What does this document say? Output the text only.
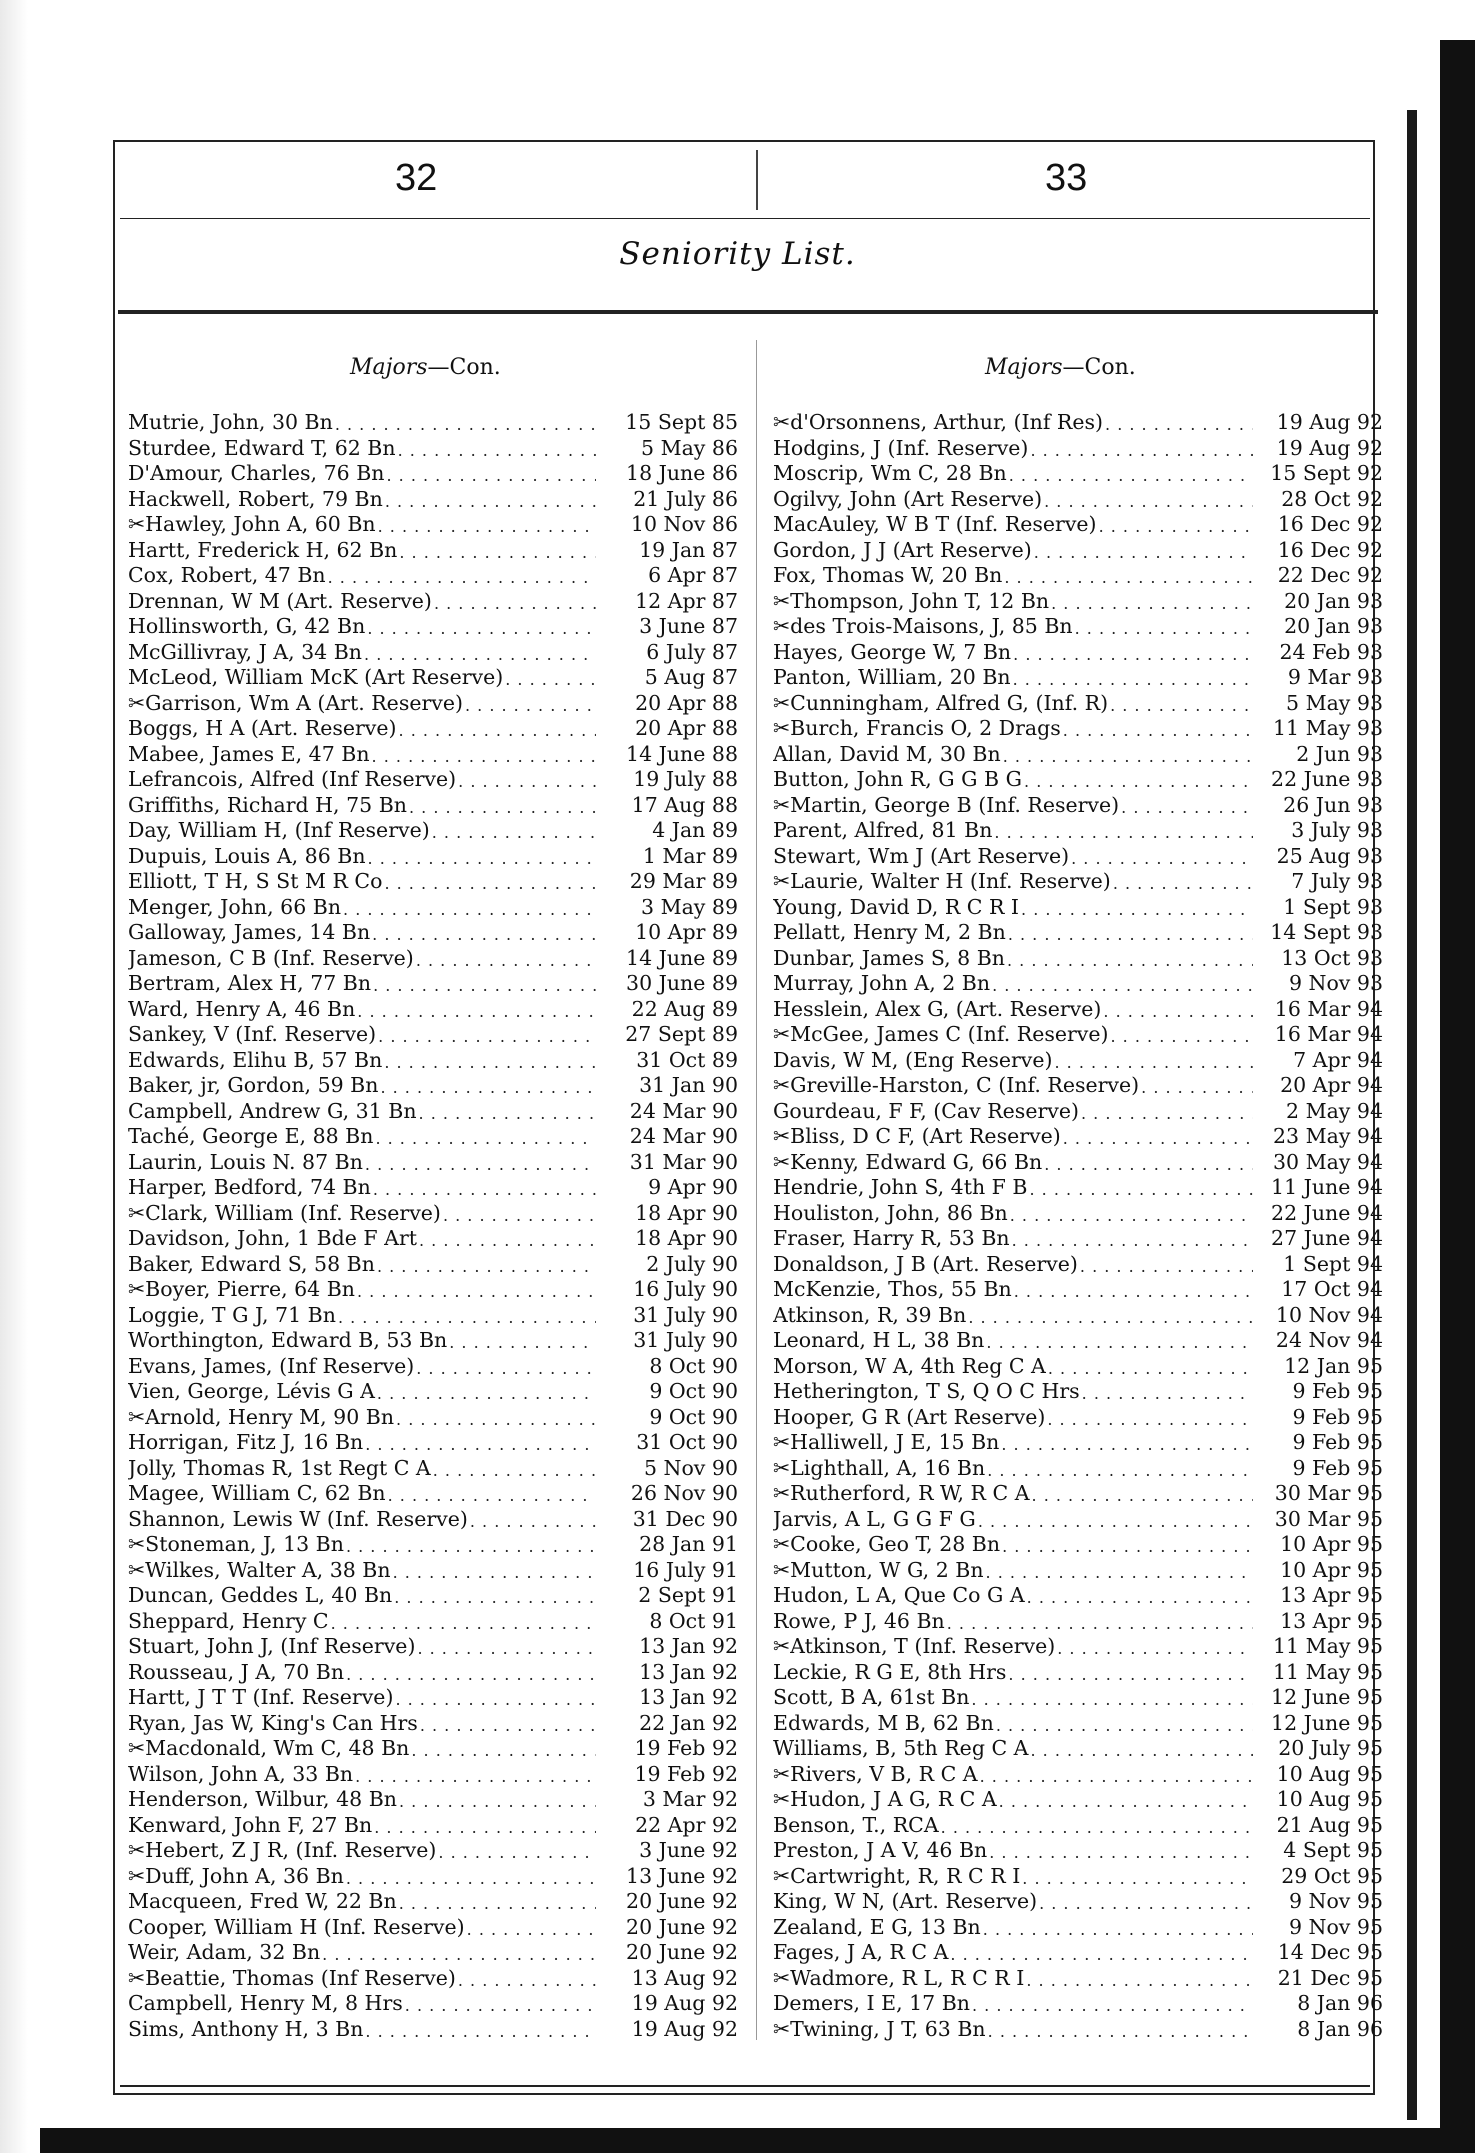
32	33
Seniority List.
Majors—Con.	Majors—Con.
Mutrie, John, 30 Bn . . .	15 Sept 85
Sturdee, Edward T, 62 Bn . . .	5 May 86
D'Amour, Charles, 76 Bn . . .	18 June 86
Hackwell, Robert, 79 Bn . . .	21 July 86
✂Hawley, John A, 60 Bn . . .	10 Nov 86
Hartt, Frederick H, 62 Bn . . .	19 Jan 87
Cox, Robert, 47 Bn . . .	6 Apr 87
Drennan, W M (Art. Reserve) . . .	12 Apr 87
Hollinsworth, G, 42 Bn . . .	3 June 87
McGillivray, J A, 34 Bn . . .	6 July 87
McLeod, William McK (Art Reserve) . . .	5 Aug 87
✂Garrison, Wm A (Art. Reserve) . . .	20 Apr 88
Boggs, H A (Art. Reserve) . . .	20 Apr 88
Mabee, James E, 47 Bn . . .	14 June 88
Lefrancois, Alfred (Inf Reserve) . . .	19 July 88
Griffiths, Richard H, 75 Bn . . .	17 Aug 88
Day, William H, (Inf Reserve) . . .	4 Jan 89
Dupuis, Louis A, 86 Bn . . .	1 Mar 89
Elliott, T H, S St M R Co . . .	29 Mar 89
Menger, John, 66 Bn . . .	3 May 89
Galloway, James, 14 Bn . . .	10 Apr 89
Jameson, C B (Inf. Reserve) . . .	14 June 89
Bertram, Alex H, 77 Bn . . .	30 June 89
Ward, Henry A, 46 Bn . . .	22 Aug 89
Sankey, V (Inf. Reserve) . . .	27 Sept 89
Edwards, Elihu B, 57 Bn . . .	31 Oct 89
Baker, jr, Gordon, 59 Bn . . .	31 Jan 90
Campbell, Andrew G, 31 Bn . . .	24 Mar 90
Taché, George E, 88 Bn . . .	24 Mar 90
Laurin, Louis N. 87 Bn . . .	31 Mar 90
Harper, Bedford, 74 Bn . . .	9 Apr 90
✂Clark, William (Inf. Reserve) . . .	18 Apr 90
Davidson, John, 1 Bde F Art . . .	18 Apr 90
Baker, Edward S, 58 Bn . . .	2 July 90
✂Boyer, Pierre, 64 Bn . . .	16 July 90
Loggie, T G J, 71 Bn . . .	31 July 90
Worthington, Edward B, 53 Bn . . .	31 July 90
Evans, James, (Inf Reserve) . . .	8 Oct 90
Vien, George, Lévis G A . . .	9 Oct 90
✂Arnold, Henry M, 90 Bn . . .	9 Oct 90
Horrigan, Fitz J, 16 Bn . . .	31 Oct 90
Jolly, Thomas R, 1st Regt C A . . .	5 Nov 90
Magee, William C, 62 Bn . . .	26 Nov 90
Shannon, Lewis W (Inf. Reserve) . . .	31 Dec 90
✂Stoneman, J, 13 Bn . . .	28 Jan 91
✂Wilkes, Walter A, 38 Bn . . .	16 July 91
Duncan, Geddes L, 40 Bn . . .	2 Sept 91
Sheppard, Henry C . . .	8 Oct 91
Stuart, John J, (Inf Reserve) . . .	13 Jan 92
Rousseau, J A, 70 Bn . . .	13 Jan 92
Hartt, J T T (Inf. Reserve) . . .	13 Jan 92
Ryan, Jas W, King's Can Hrs . . .	22 Jan 92
✂Macdonald, Wm C, 48 Bn . . .	19 Feb 92
Wilson, John A, 33 Bn . . .	19 Feb 92
Henderson, Wilbur, 48 Bn . . .	3 Mar 92
Kenward, John F, 27 Bn . . .	22 Apr 92
✂Hebert, Z J R, (Inf. Reserve) . . .	3 June 92
✂Duff, John A, 36 Bn . . .	13 June 92
Macqueen, Fred W, 22 Bn . . .	20 June 92
Cooper, William H (Inf. Reserve) . . .	20 June 92
Weir, Adam, 32 Bn . . .	20 June 92
✂Beattie, Thomas (Inf Reserve) . . .	13 Aug 92
Campbell, Henry M, 8 Hrs . . .	19 Aug 92
Sims, Anthony H, 3 Bn . . .	19 Aug 92
✂d'Orsonnens, Arthur, (Inf Res) . . .	19 Aug 92
Hodgins, J (Inf. Reserve) . . .	19 Aug 92
Moscrip, Wm C, 28 Bn . . .	15 Sept 92
Ogilvy, John (Art Reserve) . . .	28 Oct 92
MacAuley, W B T (Inf. Reserve) . . .	16 Dec 92
Gordon, J J (Art Reserve) . . .	16 Dec 92
Fox, Thomas W, 20 Bn . . .	22 Dec 92
✂Thompson, John T, 12 Bn . . .	20 Jan 93
✂des Trois-Maisons, J, 85 Bn . . .	20 Jan 93
Hayes, George W, 7 Bn . . .	24 Feb 93
Panton, William, 20 Bn . . .	9 Mar 93
✂Cunningham, Alfred G, (Inf. R) . . .	5 May 93
✂Burch, Francis O, 2 Drags . . .	11 May 93
Allan, David M, 30 Bn . . .	2 Jun 93
Button, John R, G G B G . . .	22 June 93
✂Martin, George B (Inf. Reserve) . . .	26 Jun 93
Parent, Alfred, 81 Bn . . .	3 July 93
Stewart, Wm J (Art Reserve) . . .	25 Aug 93
✂Laurie, Walter H (Inf. Reserve) . . .	7 July 93
Young, David D, R C R I . . .	1 Sept 93
Pellatt, Henry M, 2 Bn . . .	14 Sept 93
Dunbar, James S, 8 Bn . . .	13 Oct 93
Murray, John A, 2 Bn . . .	9 Nov 93
Hesslein, Alex G, (Art. Reserve) . . .	16 Mar 94
✂McGee, James C (Inf. Reserve) . . .	16 Mar 94
Davis, W M, (Eng Reserve) . . .	7 Apr 94
✂Greville-Harston, C (Inf. Reserve) . . .	20 Apr 94
Gourdeau, F F, (Cav Reserve) . . .	2 May 94
✂Bliss, D C F, (Art Reserve) . . .	23 May 94
✂Kenny, Edward G, 66 Bn . . .	30 May 94
Hendrie, John S, 4th F B . . .	11 June 94
Houliston, John, 86 Bn . . .	22 June 94
Fraser, Harry R, 53 Bn . . .	27 June 94
Donaldson, J B (Art. Reserve) . . .	1 Sept 94
McKenzie, Thos, 55 Bn . . .	17 Oct 94
Atkinson, R, 39 Bn . . .	10 Nov 94
Leonard, H L, 38 Bn . . .	24 Nov 94
Morson, W A, 4th Reg C A . . .	12 Jan 95
Hetherington, T S, Q O C Hrs . . .	9 Feb 95
Hooper, G R (Art Reserve) . . .	9 Feb 95
✂Halliwell, J E, 15 Bn . . .	9 Feb 95
✂Lighthall, A, 16 Bn . . .	9 Feb 95
✂Rutherford, R W, R C A . . .	30 Mar 95
Jarvis, A L, G G F G . . .	30 Mar 95
✂Cooke, Geo T, 28 Bn . . .	10 Apr 95
✂Mutton, W G, 2 Bn . . .	10 Apr 95
Hudon, L A, Que Co G A . . .	13 Apr 95
Rowe, P J, 46 Bn . . .	13 Apr 95
✂Atkinson, T (Inf. Reserve) . . .	11 May 95
Leckie, R G E, 8th Hrs . . .	11 May 95
Scott, B A, 61st Bn . . .	12 June 95
Edwards, M B, 62 Bn . . .	12 June 95
Williams, B, 5th Reg C A . . .	20 July 95
✂Rivers, V B, R C A . . .	10 Aug 95
✂Hudon, J A G, R C A . . .	10 Aug 95
Benson, T., RCA . . .	21 Aug 95
Preston, J A V, 46 Bn . . .	4 Sept 95
✂Cartwright, R, R C R I . . .	29 Oct 95
King, W N, (Art. Reserve) . . .	9 Nov 95
Zealand, E G, 13 Bn . . .	9 Nov 95
Fages, J A, R C A . . .	14 Dec 95
✂Wadmore, R L, R C R I . . .	21 Dec 95
Demers, I E, 17 Bn . . .	8 Jan 96
✂Twining, J T, 63 Bn . . .	8 Jan 96
